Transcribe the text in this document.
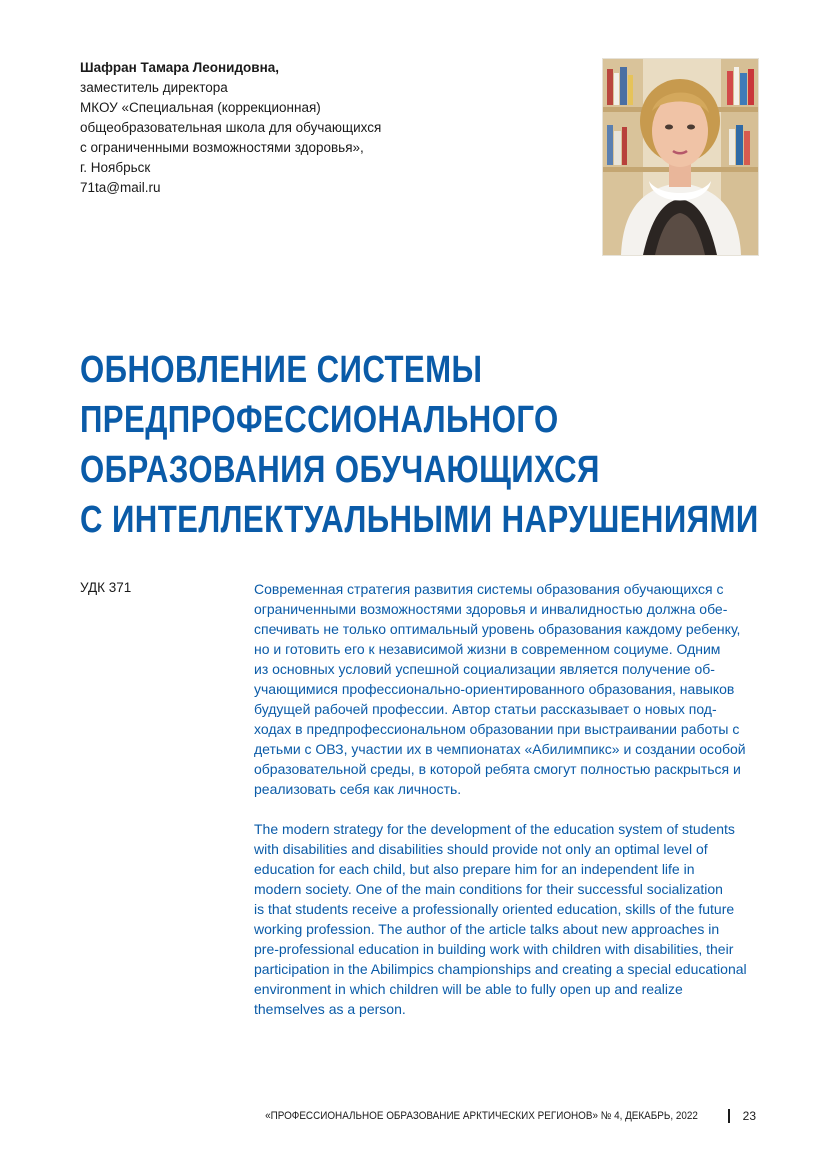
Шафран Тамара Леонидовна,
заместитель директора
МКОУ «Специальная (коррекционная)
общеобразовательная школа для обучающихся
с ограниченными возможностями здоровья»,
г. Ноябрьск
71ta@mail.ru
ОБНОВЛЕНИЕ СИСТЕМЫ
ПРЕДПРОФЕССИОНАЛЬНОГО
ОБРАЗОВАНИЯ ОБУЧАЮЩИХСЯ
С ИНТЕЛЛЕКТУАЛЬНЫМИ НАРУШЕНИЯМИ
УДК 371	Современная стратегия развития системы образования обучающихся с
ограниченными возможностями здоровья и инвалидностью должна обе-
спечивать не только оптимальный уровень образования каждому ребенку,
но и готовить его к независимой жизни в современном социуме. Одним
из основных условий успешной социализации является получение об-
учающимися профессионально-ориентированного образования, навыков
будущей рабочей профессии. Автор статьи рассказывает о новых под-
ходах в предпрофессиональном образовании при выстраивании работы с
детьми с ОВЗ, участии их в чемпионатах «Абилимпикс» и создании особой
образовательной среды, в которой ребята смогут полностью раскрыться и
реализовать себя как личность.
The modern strategy for the development of the education system of students
with disabilities and disabilities should provide not only an optimal level of
education for each child, but also prepare him for an independent life in
modern society. One of the main conditions for their successful socialization
is that students receive a professionally oriented education, skills of the future
working profession. The author of the article talks about new approaches in
pre-professional education in building work with children with disabilities, their
participation in the Abilimpics championships and creating a special educational
environment in which children will be able to fully open up and realize
themselves as a person.
«ПРОФЕССИОНАЛЬНОЕ ОБРАЗОВАНИЕ АРКТИЧЕСКИХ РЕГИОНОВ» № 4, ДЕКАБРЬ, 2022	23
